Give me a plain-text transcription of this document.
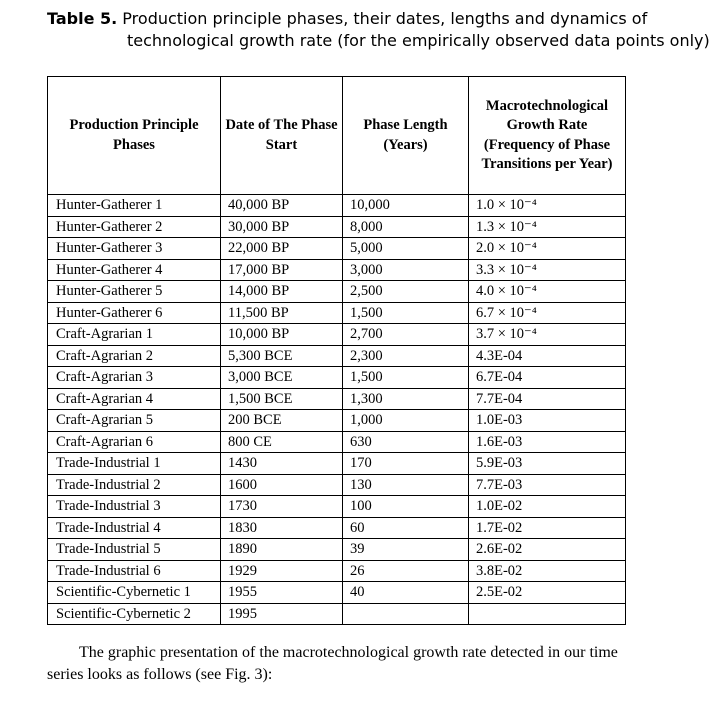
Table 5. Production principle phases, their dates, lengths and dynamics of technological growth rate (for the empirically observed data points only)
Production Principle Phases	Date of The Phase Start	Phase Length (Years)	Macrotechnological Growth Rate (Frequency of Phase Transitions per Year)
Hunter-Gatherer 1	40,000 BP	10,000	1.0 × 10⁻⁴
Hunter-Gatherer 2	30,000 BP	8,000	1.3 × 10⁻⁴
Hunter-Gatherer 3	22,000 BP	5,000	2.0 × 10⁻⁴
Hunter-Gatherer 4	17,000 BP	3,000	3.3 × 10⁻⁴
Hunter-Gatherer 5	14,000 BP	2,500	4.0 × 10⁻⁴
Hunter-Gatherer 6	11,500 BP	1,500	6.7 × 10⁻⁴
Craft-Agrarian 1	10,000 BP	2,700	3.7 × 10⁻⁴
Craft-Agrarian 2	5,300 BCE	2,300	4.3E-04
Craft-Agrarian 3	3,000 BCE	1,500	6.7E-04
Craft-Agrarian 4	1,500 BCE	1,300	7.7E-04
Craft-Agrarian 5	200 BCE	1,000	1.0E-03
Craft-Agrarian 6	800 CE	630	1.6E-03
Trade-Industrial 1	1430	170	5.9E-03
Trade-Industrial 2	1600	130	7.7E-03
Trade-Industrial 3	1730	100	1.0E-02
Trade-Industrial 4	1830	60	1.7E-02
Trade-Industrial 5	1890	39	2.6E-02
Trade-Industrial 6	1929	26	3.8E-02
Scientific-Cybernetic 1	1955	40	2.5E-02
Scientific-Cybernetic 2	1995		
The graphic presentation of the macrotechnological growth rate detected in our time series looks as follows (see Fig. 3):
